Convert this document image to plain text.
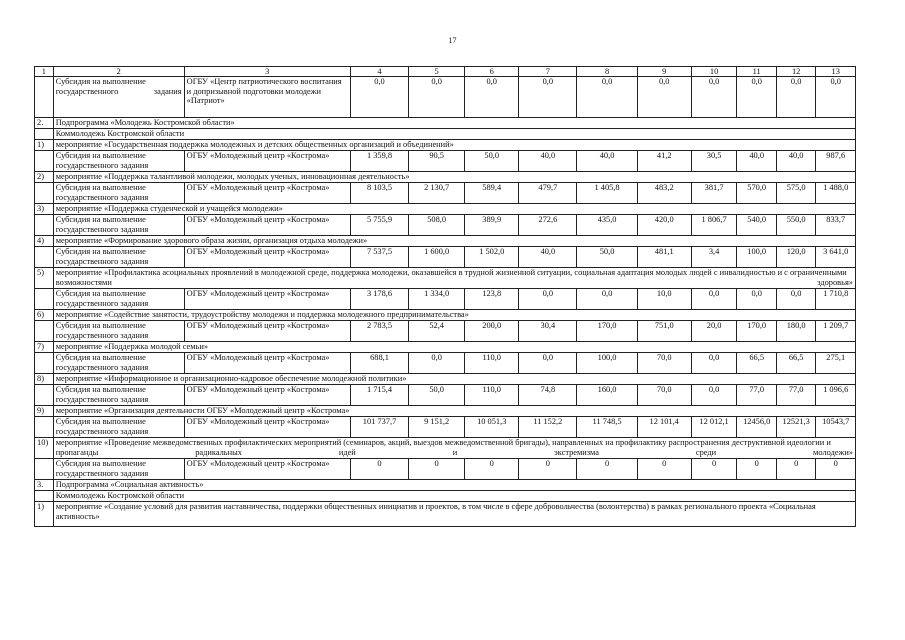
17
1	2	3	4	5	6	7	8	9	10	11	12	13
	Субсидия на выполнение государственного задания	ОГБУ «Центр патриотического воспитания и допризывной подготовки молодежи «Патриот»	0,0	0,0	0,0	0,0	0,0	0,0	0,0	0,0	0,0	0,0
2.	Подпрограмма «Молодежь Костромской области»											
	Коммолодежь Костромской области											
1)	мероприятие «Государственная поддержка молодежных и детских общественных организаций и объединений»											
	Субсидия на выполнение государственного задания	ОГБУ «Молодежный центр «Кострома»	1 359,8	90,5	50,0	40,0	40,0	41,2	30,5	40,0	40,0	987,6
2)	мероприятие «Поддержка талантливой молодежи, молодых ученых, инновационная деятельность»											
	Субсидия на выполнение государственного задания	ОГБУ «Молодежный центр «Кострома»	8 103,5	2 130,7	589,4	479,7	1 405,8	483,2	381,7	570,0	575,0	1 488,0
3)	мероприятие «Поддержка студенческой и учащейся молодежи»											
	Субсидия на выполнение государственного задания	ОГБУ «Молодежный центр «Кострома»	5 755,9	508,0	389,9	272,6	435,0	420,0	1 806,7	540,0	550,0	833,7
4)	мероприятие «Формирование здорового образа жизни, организация отдыха молодежи»											
	Субсидия на выполнение государственного задания	ОГБУ «Молодежный центр «Кострома»	7 537,5	1 600,0	1 502,0	40,0	50,0	481,1	3,4	100,0	120,0	3 641,0
5)	мероприятие «Профилактика асоциальных проявлений в молодежной среде, поддержка молодежи, оказавшейся в трудной жизненной ситуации, социальная адаптация молодых людей с инвалидностью и с ограниченными возможностями здоровья»											
	Субсидия на выполнение государственного задания	ОГБУ «Молодежный центр «Кострома»	3 178,6	1 334,0	123,8	0,0	0,0	10,0	0,0	0,0	0,0	1 710,8
6)	мероприятие «Содействие занятости, трудоустройству молодежи и поддержка молодежного предпринимательства»											
	Субсидия на выполнение государственного задания	ОГБУ «Молодежный центр «Кострома»	2 783,5	52,4	200,0	30,4	170,0	751,0	20,0	170,0	180,0	1 209,7
7)	мероприятие «Поддержка молодой семьи»											
	Субсидия на выполнение государственного задания	ОГБУ «Молодежный центр «Кострома»	688,1	0,0	110,0	0,0	100,0	70,0	0,0	66,5	66,5	275,1
8)	мероприятие «Информационное и организационно-кадровое обеспечение молодежной политики»											
	Субсидия на выполнение государственного задания	ОГБУ «Молодежный центр «Кострома»	1 715,4	50,0	110,0	74,8	160,0	70,0	0,0	77,0	77,0	1 096,6
9)	мероприятие «Организация деятельности ОГБУ «Молодежный центр «Кострома»											
	Субсидия на выполнение государственного задания	ОГБУ «Молодежный центр «Кострома»	101 737,7	9 151,2	10 051,3	11 152,2	11 748,5	12 101,4	12 012,1	12456,0	12521,3	10543,7
10)	мероприятие «Проведение межведомственных профилактических мероприятий (семинаров, акций, выездов межведомственной бригады), направленных на профилактику распространения деструктивной идеологии и пропаганды радикальных идей и экстремизма среди молодежи»											
	Субсидия на выполнение государственного задания	ОГБУ «Молодежный центр «Кострома»	0	0	0	0	0	0	0	0	0	0
3.	Подпрограмма «Социальная активность»											
	Коммолодежь Костромской области											
1)	мероприятие «Создание условий для развития наставничества, поддержки общественных инициатив и проектов, в том числе в сфере добровольчества (волонтерства) в рамках регионального проекта «Социальная активность»											
